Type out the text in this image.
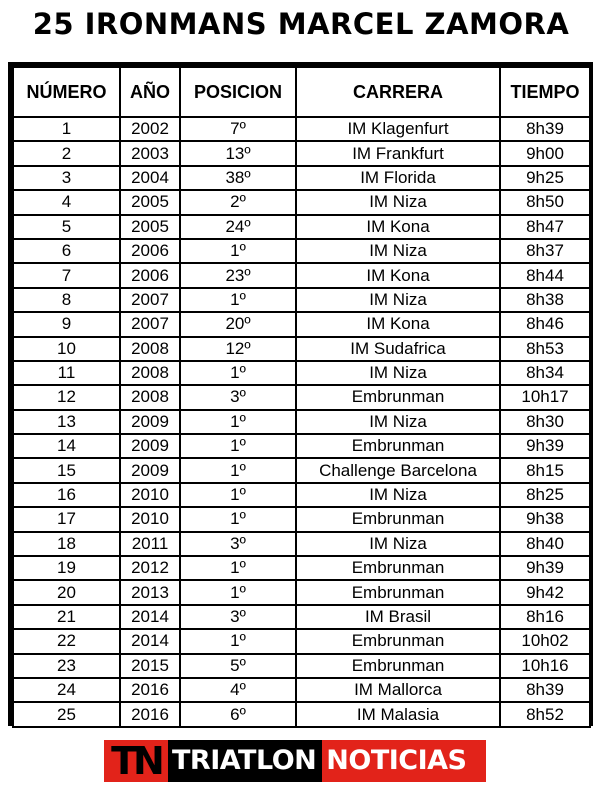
25 IRONMANS MARCEL ZAMORA
NÚMERO	AÑO	POSICION	CARRERA	TIEMPO
1	2002	7º	IM Klagenfurt	8h39
2	2003	13º	IM Frankfurt	9h00
3	2004	38º	IM Florida	9h25
4	2005	2º	IM Niza	8h50
5	2005	24º	IM Kona	8h47
6	2006	1º	IM Niza	8h37
7	2006	23º	IM Kona	8h44
8	2007	1º	IM Niza	8h38
9	2007	20º	IM Kona	8h46
10	2008	12º	IM Sudafrica	8h53
11	2008	1º	IM Niza	8h34
12	2008	3º	Embrunman	10h17
13	2009	1º	IM Niza	8h30
14	2009	1º	Embrunman	9h39
15	2009	1º	Challenge Barcelona	8h15
16	2010	1º	IM Niza	8h25
17	2010	1º	Embrunman	9h38
18	2011	3º	IM Niza	8h40
19	2012	1º	Embrunman	9h39
20	2013	1º	Embrunman	9h42
21	2014	3º	IM Brasil	8h16
22	2014	1º	Embrunman	10h02
23	2015	5º	Embrunman	10h16
24	2016	4º	IM Mallorca	8h39
25	2016	6º	IM Malasia	8h52
TN TRIATLON NOTICIAS
